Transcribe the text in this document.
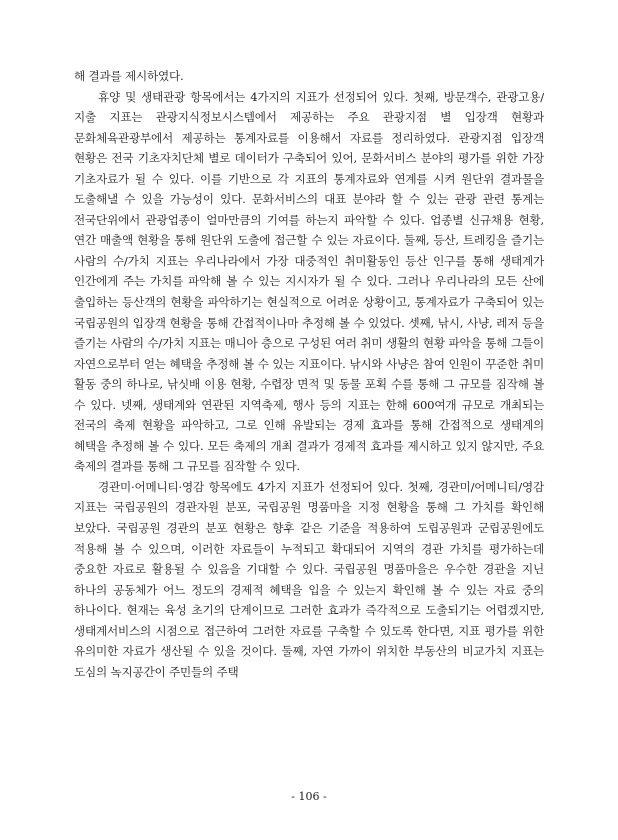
해 결과를 제시하였다.

휴양 및 생태관광 항목에서는 4가지의 지표가 선정되어 있다. 첫째, 방문객수, 관광고용/지출 지표는 관광지식정보시스템에서 제공하는 주요 관광지점 별 입장객 현황과 문화체육관광부에서 제공하는 통계자료를 이용해서 자료를 정리하였다. 관광지점 입장객 현황은 전국 기초자치단체 별로 데이터가 구축되어 있어, 문화서비스 분야의 평가를 위한 가장 기초자료가 될 수 있다. 이를 기반으로 각 지표의 통계자료와 연계를 시켜 원단위 결과물을 도출해낼 수 있을 가능성이 있다. 문화서비스의 대표 분야라 할 수 있는 관광 관련 통계는 전국단위에서 관광업종이 얼마만큼의 기여를 하는지 파악할 수 있다. 업종별 신규채용 현황, 연간 매출액 현황을 통해 원단위 도출에 접근할 수 있는 자료이다. 둘째, 등산, 트레킹을 즐기는 사람의 수/가치 지표는 우리나라에서 가장 대중적인 취미활동인 등산 인구를 통해 생태계가 인간에게 주는 가치를 파악해 볼 수 있는 지시자가 될 수 있다. 그러나 우리나라의 모든 산에 출입하는 등산객의 현황을 파악하기는 현실적으로 어려운 상황이고, 통계자료가 구축되어 있는 국립공원의 입장객 현황을 통해 간접적이나마 추정해 볼 수 있었다. 셋째, 낚시, 사냥, 레저 등을 즐기는 사람의 수/가치 지표는 매니아 층으로 구성된 여러 취미 생활의 현황 파악을 통해 그들이 자연으로부터 얻는 혜택을 추정해 볼 수 있는 지표이다. 낚시와 사냥은 참여 인원이 꾸준한 취미 활동 중의 하나로, 낚싯배 이용 현황, 수렵장 면적 및 동물 포획 수를 통해 그 규모를 짐작해 볼 수 있다. 넷째, 생태계와 연관된 지역축제, 행사 등의 지표는 한해 600여개 규모로 개최되는 전국의 축제 현황을 파악하고, 그로 인해 유발되는 경제 효과를 통해 간접적으로 생태계의 혜택을 추정해 볼 수 있다. 모든 축제의 개최 결과가 경제적 효과를 제시하고 있지 않지만, 주요 축제의 결과를 통해 그 규모를 짐작할 수 있다.

경관미·어메니티·영감 항목에도 4가지 지표가 선정되어 있다. 첫째, 경관미/어메니티/영감 지표는 국립공원의 경관자원 분포, 국립공원 명품마을 지정 현황을 통해 그 가치를 확인해 보았다. 국립공원 경관의 분포 현황은 향후 같은 기준을 적용하여 도립공원과 군립공원에도 적용해 볼 수 있으며, 이러한 자료들이 누적되고 확대되어 지역의 경관 가치를 평가하는데 중요한 자료로 활용될 수 있음을 기대할 수 있다. 국립공원 명품마을은 우수한 경관을 지닌 하나의 공동체가 어느 정도의 경제적 혜택을 입을 수 있는지 확인해 볼 수 있는 자료 중의 하나이다. 현재는 육성 초기의 단계이므로 그러한 효과가 즉각적으로 도출되기는 어렵겠지만, 생태계서비스의 시점으로 접근하여 그러한 자료를 구축할 수 있도록 한다면, 지표 평가를 위한 유의미한 자료가 생산될 수 있을 것이다. 둘째, 자연 가까이 위치한 부동산의 비교가치 지표는 도심의 녹지공간이 주민들의 주택

- 106 -
